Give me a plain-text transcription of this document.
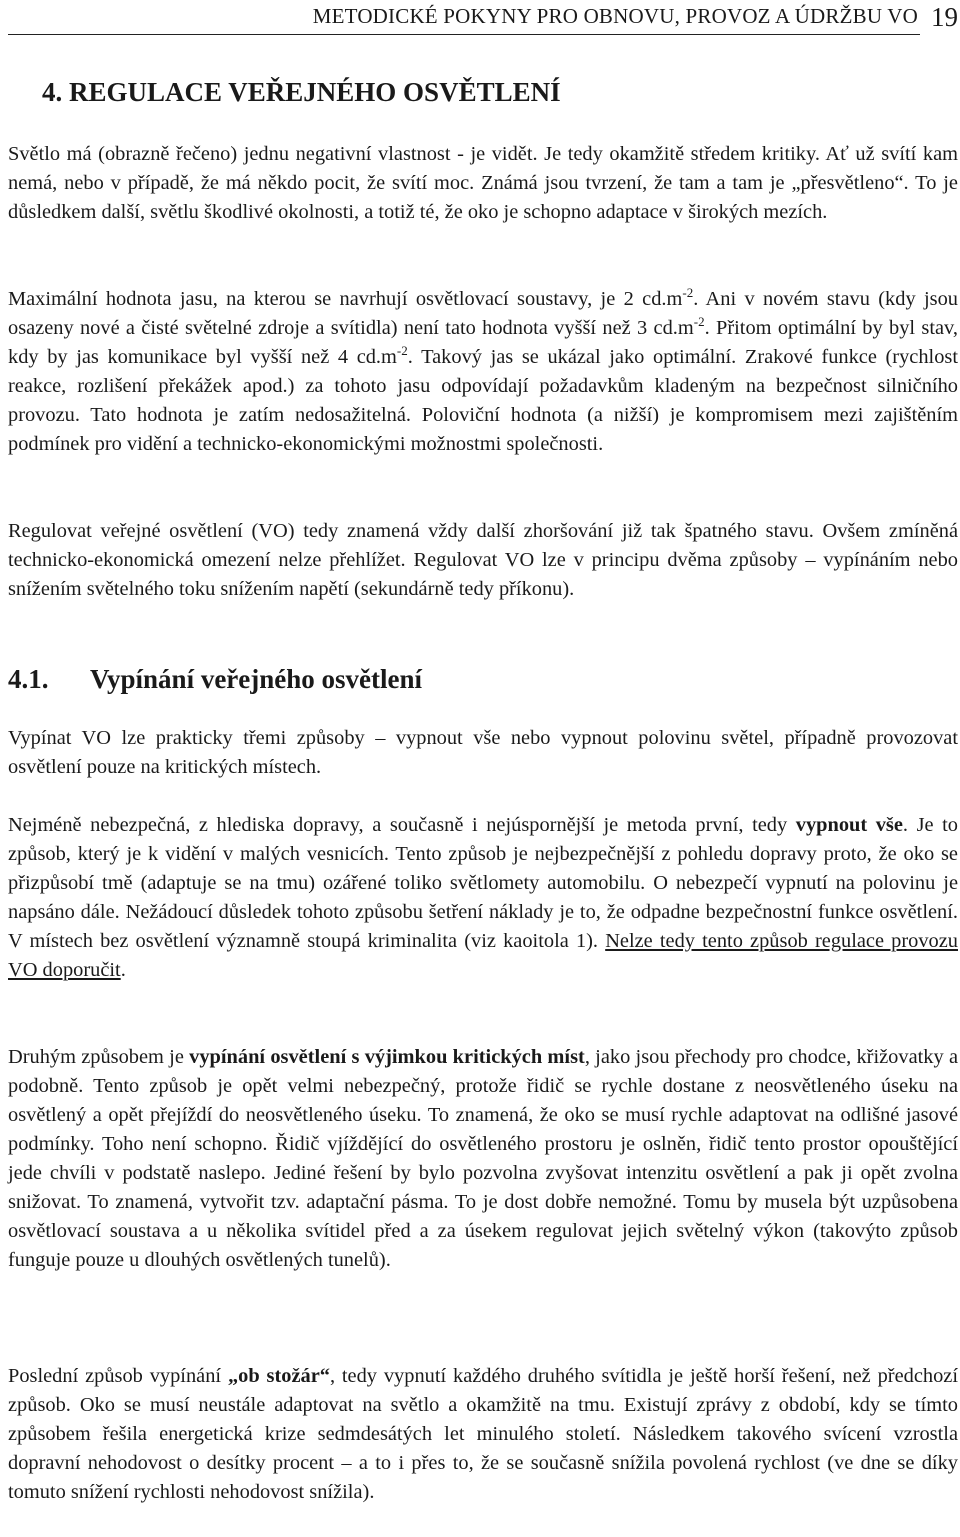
METODICKÉ POKYNY PRO OBNOVU, PROVOZ A ÚDRŽBU VO 19
4. REGULACE VEŘEJNÉHO OSVĚTLENÍ

Světlo má (obrazně řečeno) jednu negativní vlastnost - je vidět. Je tedy okamžitě středem kritiky. Ať už svítí kam nemá, nebo v případě, že má někdo pocit, že svítí moc. Známá jsou tvrzení, že tam a tam je „přesvětleno“. To je důsledkem další, světlu škodlivé okolnosti, a totiž té, že oko je schopno adaptace v širokých mezích.

Maximální hodnota jasu, na kterou se navrhují osvětlovací soustavy, je 2 $cd.m^{-2}$. Ani v novém stavu (kdy jsou osazeny nové a čisté světelné zdroje a svítidla) není tato hodnota vyšší než 3 $cd.m^{-2}$. Přitom optimální by byl stav, kdy by jas komunikace byl vyšší než 4 $cd.m^{-2}$. Takový jas se ukázal jako optimální. Zrakové funkce (rychlost reakce, rozlišení překážek apod.) za tohoto jasu odpovídají požadavkům kladeným na bezpečnost silničního provozu. Tato hodnota je zatím nedosažitelná. Poloviční hodnota (a nižší) je kompromisem mezi zajištěním podmínek pro vidění a technicko-ekonomickými možnostmi společnosti.

Regulovat veřejné osvětlení (VO) tedy znamená vždy další zhoršování již tak špatného stavu. Ovšem zmíněná technicko-ekonomická omezení nelze přehlížet. Regulovat VO lze v principu dvěma způsoby – vypínáním nebo snížením světelného toku snížením napětí (sekundárně tedy příkonu).

4.1. Vypínání veřejného osvětlení

Vypínat VO lze prakticky třemi způsoby – vypnout vše nebo vypnout polovinu světel, případně provozovat osvětlení pouze na kritických místech.

Nejméně nebezpečná, z hlediska dopravy, a současně i nejúspornější je metoda první, tedy vypnout vše. Je to způsob, který je k vidění v malých vesnicích. Tento způsob je nejbezpečnější z pohledu dopravy proto, že oko se přizpůsobí tmě (adaptuje se na tmu) ozářené toliko světlomety automobilu. O nebezpečí vypnutí na polovinu je napsáno dále. Nežádoucí důsledek tohoto způsobu šetření náklady je to, že odpadne bezpečnostní funkce osvětlení. V místech bez osvětlení významně stoupá kriminalita (viz kaoitola 1). Nelze tedy tento způsob regulace provozu VO doporučit.

Druhým způsobem je vypínání osvětlení s výjimkou kritických míst, jako jsou přechody pro chodce, křižovatky a podobně. Tento způsob je opět velmi nebezpečný, protože řidič se rychle dostane z neosvětleného úseku na osvětlený a opět přejíždí do neosvětleného úseku. To znamená, že oko se musí rychle adaptovat na odlišné jasové podmínky. Toho není schopno. Řidič vjíždějící do osvětleného prostoru je oslněn, řidič tento prostor opouštějící jede chvíli v podstatě naslepo. Jediné řešení by bylo pozvolna zvyšovat intenzitu osvětlení a pak ji opět zvolna snižovat. To znamená, vytvořit tzv. adaptační pásma. To je dost dobře nemožné. Tomu by musela být uzpůsobena osvětlovací soustava a u několika svítidel před a za úsekem regulovat jejich světelný výkon (takovýto způsob funguje pouze u dlouhých osvětlených tunelů).

Poslední způsob vypínání „ob stožár“, tedy vypnutí každého druhého svítidla je ještě horší řešení, než předchozí způsob. Oko se musí neustále adaptovat na světlo a okamžitě na tmu. Existují zprávy z období, kdy se tímto způsobem řešila energetická krize sedmdesátých let minulého století. Následkem takového svícení vzrostla dopravní nehodovost o desítky procent – a to i přes to, že se současně snížila povolená rychlost (ve dne se díky tomuto snížení rychlosti nehodovost snížila).
